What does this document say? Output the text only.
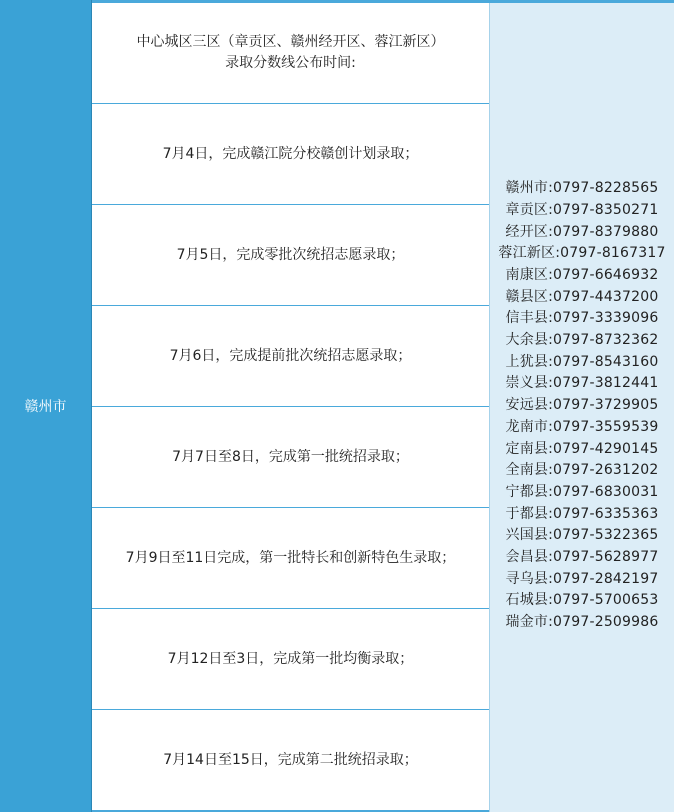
赣州市
中心城区三区（章贡区、赣州经开区、蓉江新区）
录取分数线公布时间:
7月4日，完成赣江院分校赣创计划录取；
7月5日，完成零批次统招志愿录取；
7月6日，完成提前批次统招志愿录取；
7月7日至8日，完成第一批统招录取；
7月9日至11日完成，第一批特长和创新特色生录取；
7月12日至3日，完成第一批均衡录取；
7月14日至15日，完成第二批统招录取；
赣州市:0797-8228565
章贡区:0797-8350271
经开区:0797-8379880
蓉江新区:0797-8167317
南康区:0797-6646932
赣县区:0797-4437200
信丰县:0797-3339096
大余县:0797-8732362
上犹县:0797-8543160
崇义县:0797-3812441
安远县:0797-3729905
龙南市:0797-3559539
定南县:0797-4290145
全南县:0797-2631202
宁都县:0797-6830031
于都县:0797-6335363
兴国县:0797-5322365
会昌县:0797-5628977
寻乌县:0797-2842197
石城县:0797-5700653
瑞金市:0797-2509986
